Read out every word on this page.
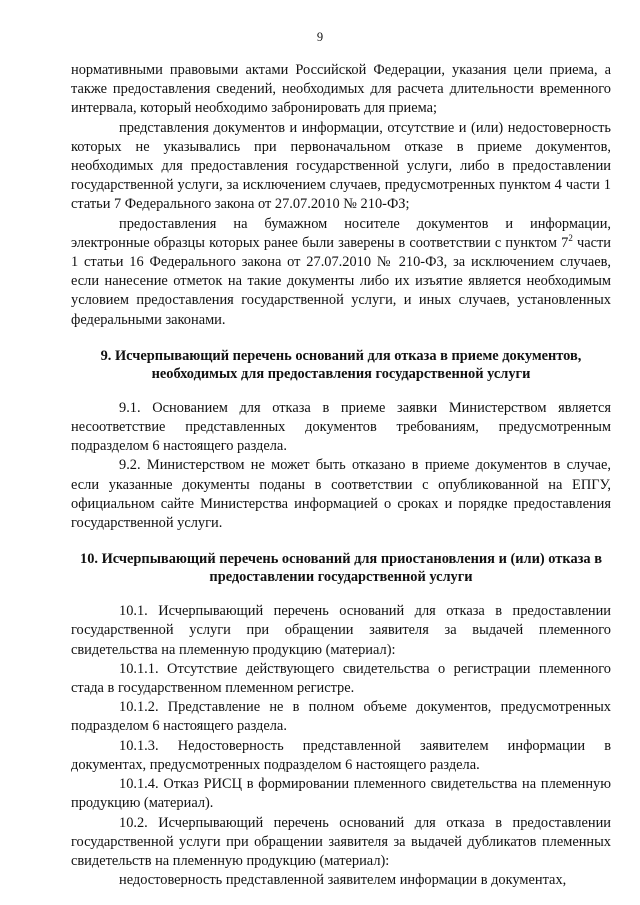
9

нормативными правовыми актами Российской Федерации, указания цели приема, а также предоставления сведений, необходимых для расчета длительности временного интервала, который необходимо забронировать для приема;

представления документов и информации, отсутствие и (или) недостоверность которых не указывались при первоначальном отказе в приеме документов, необходимых для предоставления государственной услуги, либо в предоставлении государственной услуги, за исключением случаев, предусмотренных пунктом 4 части 1 статьи 7 Федерального закона от 27.07.2010 № 210-ФЗ;

предоставления на бумажном носителе документов и информации, электронные образцы которых ранее были заверены в соответствии с пунктом $7^2$ части 1 статьи 16 Федерального закона от 27.07.2010 № 210-ФЗ, за исключением случаев, если нанесение отметок на такие документы либо их изъятие является необходимым условием предоставления государственной услуги, и иных случаев, установленных федеральными законами.

9. Исчерпывающий перечень оснований для отказа в приеме документов, необходимых для предоставления государственной услуги

9.1. Основанием для отказа в приеме заявки Министерством является несоответствие представленных документов требованиям, предусмотренным подразделом 6 настоящего раздела.

9.2. Министерством не может быть отказано в приеме документов в случае, если указанные документы поданы в соответствии с опубликованной на ЕПГУ, официальном сайте Министерства информацией о сроках и порядке предоставления государственной услуги.

10. Исчерпывающий перечень оснований для приостановления и (или) отказа в предоставлении государственной услуги

10.1. Исчерпывающий перечень оснований для отказа в предоставлении государственной услуги при обращении заявителя за выдачей племенного свидетельства на племенную продукцию (материал):

10.1.1. Отсутствие действующего свидетельства о регистрации племенного стада в государственном племенном регистре.

10.1.2. Представление не в полном объеме документов, предусмотренных подразделом 6 настоящего раздела.

10.1.3. Недостоверность представленной заявителем информации в документах, предусмотренных подразделом 6 настоящего раздела.

10.1.4. Отказ РИСЦ в формировании племенного свидетельства на племенную продукцию (материал).

10.2. Исчерпывающий перечень оснований для отказа в предоставлении государственной услуги при обращении заявителя за выдачей дубликатов племенных свидетельств на племенную продукцию (материал):

недостоверность представленной заявителем информации в документах,
